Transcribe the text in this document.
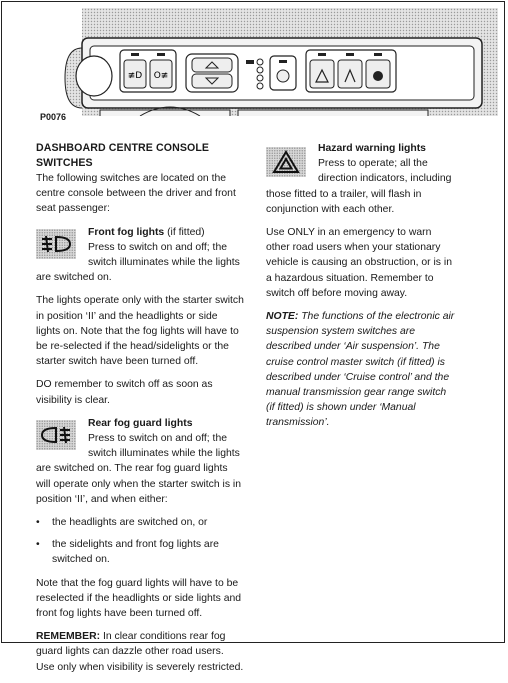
≢D O≢
P0076
DASHBOARD CENTRE CONSOLE SWITCHES

The following switches are located on the centre console between the driver and front seat passenger:

Front fog lights (if fitted)
Press to switch on and off; the switch illuminates while the lights are switched on.

The lights operate only with the starter switch in position ‘II’ and the headlights or side lights on. Note that the fog lights will have to be re-selected if the head/sidelights or the starter switch have been turned off.

DO remember to switch off as soon as visibility is clear.

Rear fog guard lights
Press to switch on and off; the switch illuminates while the lights are switched on. The rear fog guard lights will operate only when the starter switch is in position ‘II’, and when either:

• the headlights are switched on, or
• the sidelights and front fog lights are switched on.

Note that the fog guard lights will have to be reselected if the headlights or side lights and front fog lights have been turned off.

REMEMBER: In clear conditions rear fog guard lights can dazzle other road users. Use only when visibility is severely restricted.

Hazard warning lights
Press to operate; all the direction indicators, including those fitted to a trailer, will flash in conjunction with each other.

Use ONLY in an emergency to warn other road users when your stationary vehicle is causing an obstruction, or is in a hazardous situation. Remember to switch off before moving away.

NOTE: The functions of the electronic air suspension system switches are described under ‘Air suspension’. The cruise control master switch (if fitted) is described under ‘Cruise control’ and the manual transmission gear range switch (if fitted) is shown under ‘Manual transmission’.
